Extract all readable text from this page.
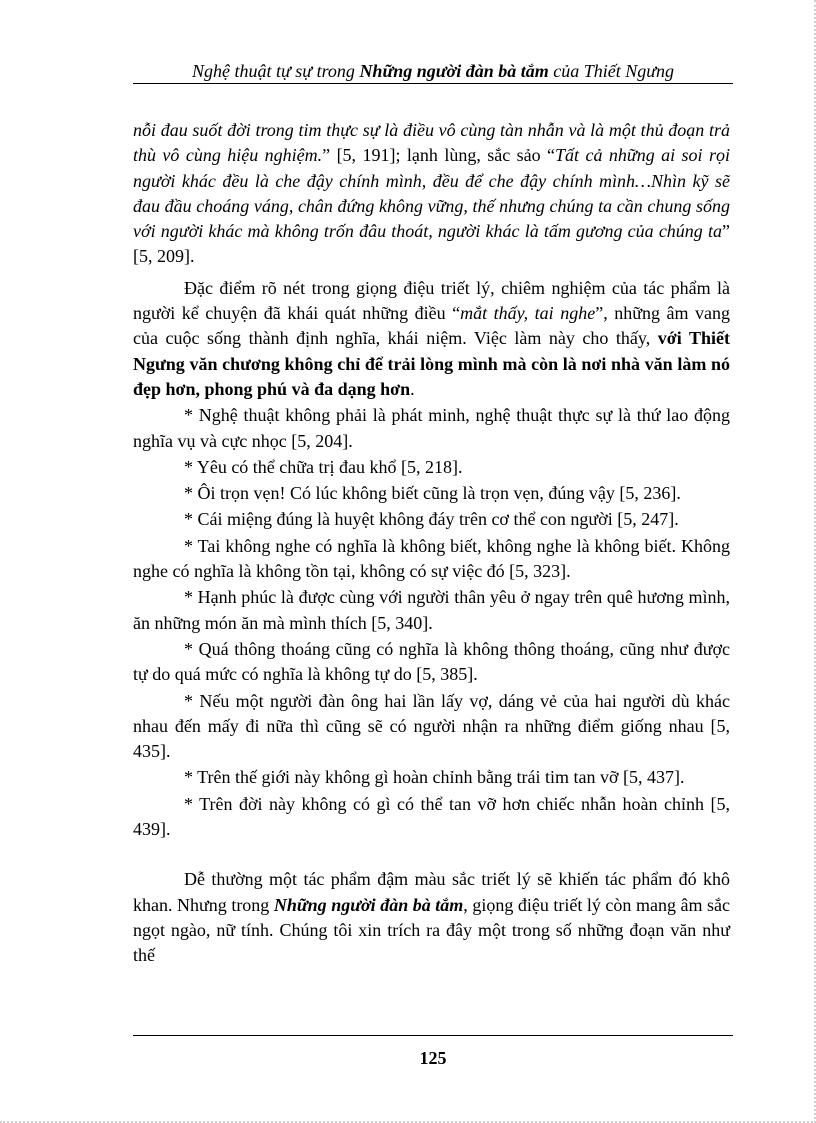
Nghệ thuật tự sự trong Những người đàn bà tắm của Thiết Ngưng

nỗi đau suốt đời trong tim thực sự là điều vô cùng tàn nhẫn và là một thủ đoạn trả thù vô cùng hiệu nghiệm.” [5, 191]; lạnh lùng, sắc sảo “Tất cả những ai soi rọi người khác đều là che đậy chính mình, đều để che đậy chính mình…Nhìn kỹ sẽ đau đầu choáng váng, chân đứng không vững, thế nhưng chúng ta cần chung sống với người khác mà không trốn đâu thoát, người khác là tấm gương của chúng ta” [5, 209].

Đặc điểm rõ nét trong giọng điệu triết lý, chiêm nghiệm của tác phẩm là người kể chuyện đã khái quát những điều “mắt thấy, tai nghe”, những âm vang của cuộc sống thành định nghĩa, khái niệm. Việc làm này cho thấy, với Thiết Ngưng văn chương không chỉ để trải lòng mình mà còn là nơi nhà văn làm nó đẹp hơn, phong phú và đa dạng hơn.

* Nghệ thuật không phải là phát minh, nghệ thuật thực sự là thứ lao động nghĩa vụ và cực nhọc [5, 204].

* Yêu có thể chữa trị đau khổ [5, 218].

* Ôi trọn vẹn! Có lúc không biết cũng là trọn vẹn, đúng vậy [5, 236].

* Cái miệng đúng là huyệt không đáy trên cơ thể con người [5, 247].

* Tai không nghe có nghĩa là không biết, không nghe là không biết. Không nghe có nghĩa là không tồn tại, không có sự việc đó [5, 323].

* Hạnh phúc là được cùng với người thân yêu ở ngay trên quê hương mình, ăn những món ăn mà mình thích [5, 340].

* Quá thông thoáng cũng có nghĩa là không thông thoáng, cũng như được tự do quá mức có nghĩa là không tự do [5, 385].

* Nếu một người đàn ông hai lần lấy vợ, dáng vẻ của hai người dù khác nhau đến mấy đi nữa thì cũng sẽ có người nhận ra những điểm giống nhau [5, 435].

* Trên thế giới này không gì hoàn chỉnh bằng trái tim tan vỡ [5, 437].

* Trên đời này không có gì có thể tan vỡ hơn chiếc nhẫn hoàn chỉnh [5, 439].

Dễ thường một tác phẩm đậm màu sắc triết lý sẽ khiến tác phẩm đó khô khan. Nhưng trong Những người đàn bà tắm, giọng điệu triết lý còn mang âm sắc ngọt ngào, nữ tính. Chúng tôi xin trích ra đây một trong số những đoạn văn như thế

125
